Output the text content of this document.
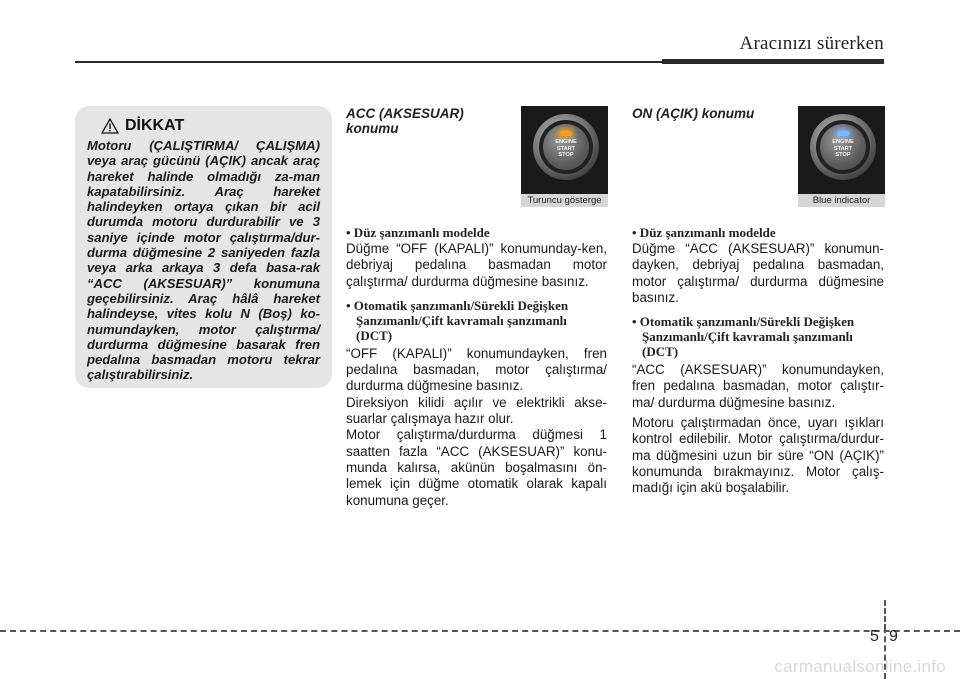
Aracınızı sürerken
DİKKAT
Motoru (ÇALIŞTIRMA/ ÇALIŞMA) veya araç gücünü (AÇIK) ancak araç hareket halinde olmadığı za-man kapatabilirsiniz. Araç hareket halindeyken ortaya çıkan bir acil durumda motoru durdurabilir ve 3 saniye içinde motor çalıştırma/dur-durma düğmesine 2 saniyeden fazla veya arka arkaya 3 defa basa-rak “ACC (AKSESUAR)” konumuna geçebilirsiniz. Araç hâlâ hareket halindeyse, vites kolu N (Boş) ko-numundayken, motor çalıştırma/ durdurma düğmesine basarak fren pedalına basmadan motoru tekrar çalıştırabilirsiniz.
ACC (AKSESUAR)
konumu
ENGINE
START
STOP
Turuncu gösterge
• Düz şanzımanlı modelde
Düğme “OFF (KAPALI)” konumunday-ken, debriyaj pedalına basmadan motor çalıştırma/ durdurma düğmesine basınız.
• Otomatik şanzımanlı/Sürekli Değişken
Şanzımanlı/Çift kavramalı şanzımanlı
(DCT)
“OFF (KAPALI)” konumundayken, fren pedalına basmadan, motor çalıştırma/ durdurma düğmesine basınız.
Direksiyon kilidi açılır ve elektrikli akse-suarlar çalışmaya hazır olur.
Motor çalıştırma/durdurma düğmesi 1 saatten fazla “ACC (AKSESUAR)” konu-munda kalırsa, akünün boşalmasını ön-lemek için düğme otomatik olarak kapalı konumuna geçer.
ON (AÇIK) konumu
ENGINE
START
STOP
Blue indicator
• Düz şanzımanlı modelde
Düğme “ACC (AKSESUAR)” konumun-dayken, debriyaj pedalına basmadan, motor çalıştırma/ durdurma düğmesine basınız.
• Otomatik şanzımanlı/Sürekli Değişken
Şanzımanlı/Çift kavramalı şanzımanlı
(DCT)
“ACC (AKSESUAR)” konumundayken, fren pedalına basmadan, motor çalıştır-ma/ durdurma düğmesine basınız.
Motoru çalıştırmadan önce, uyarı ışıkları kontrol edilebilir. Motor çalıştırma/durdur-ma düğmesini uzun bir süre “ON (AÇIK)” konumunda bırakmayınız. Motor çalış-madığı için akü boşalabilir.
5 9
carmanualsonline.info
